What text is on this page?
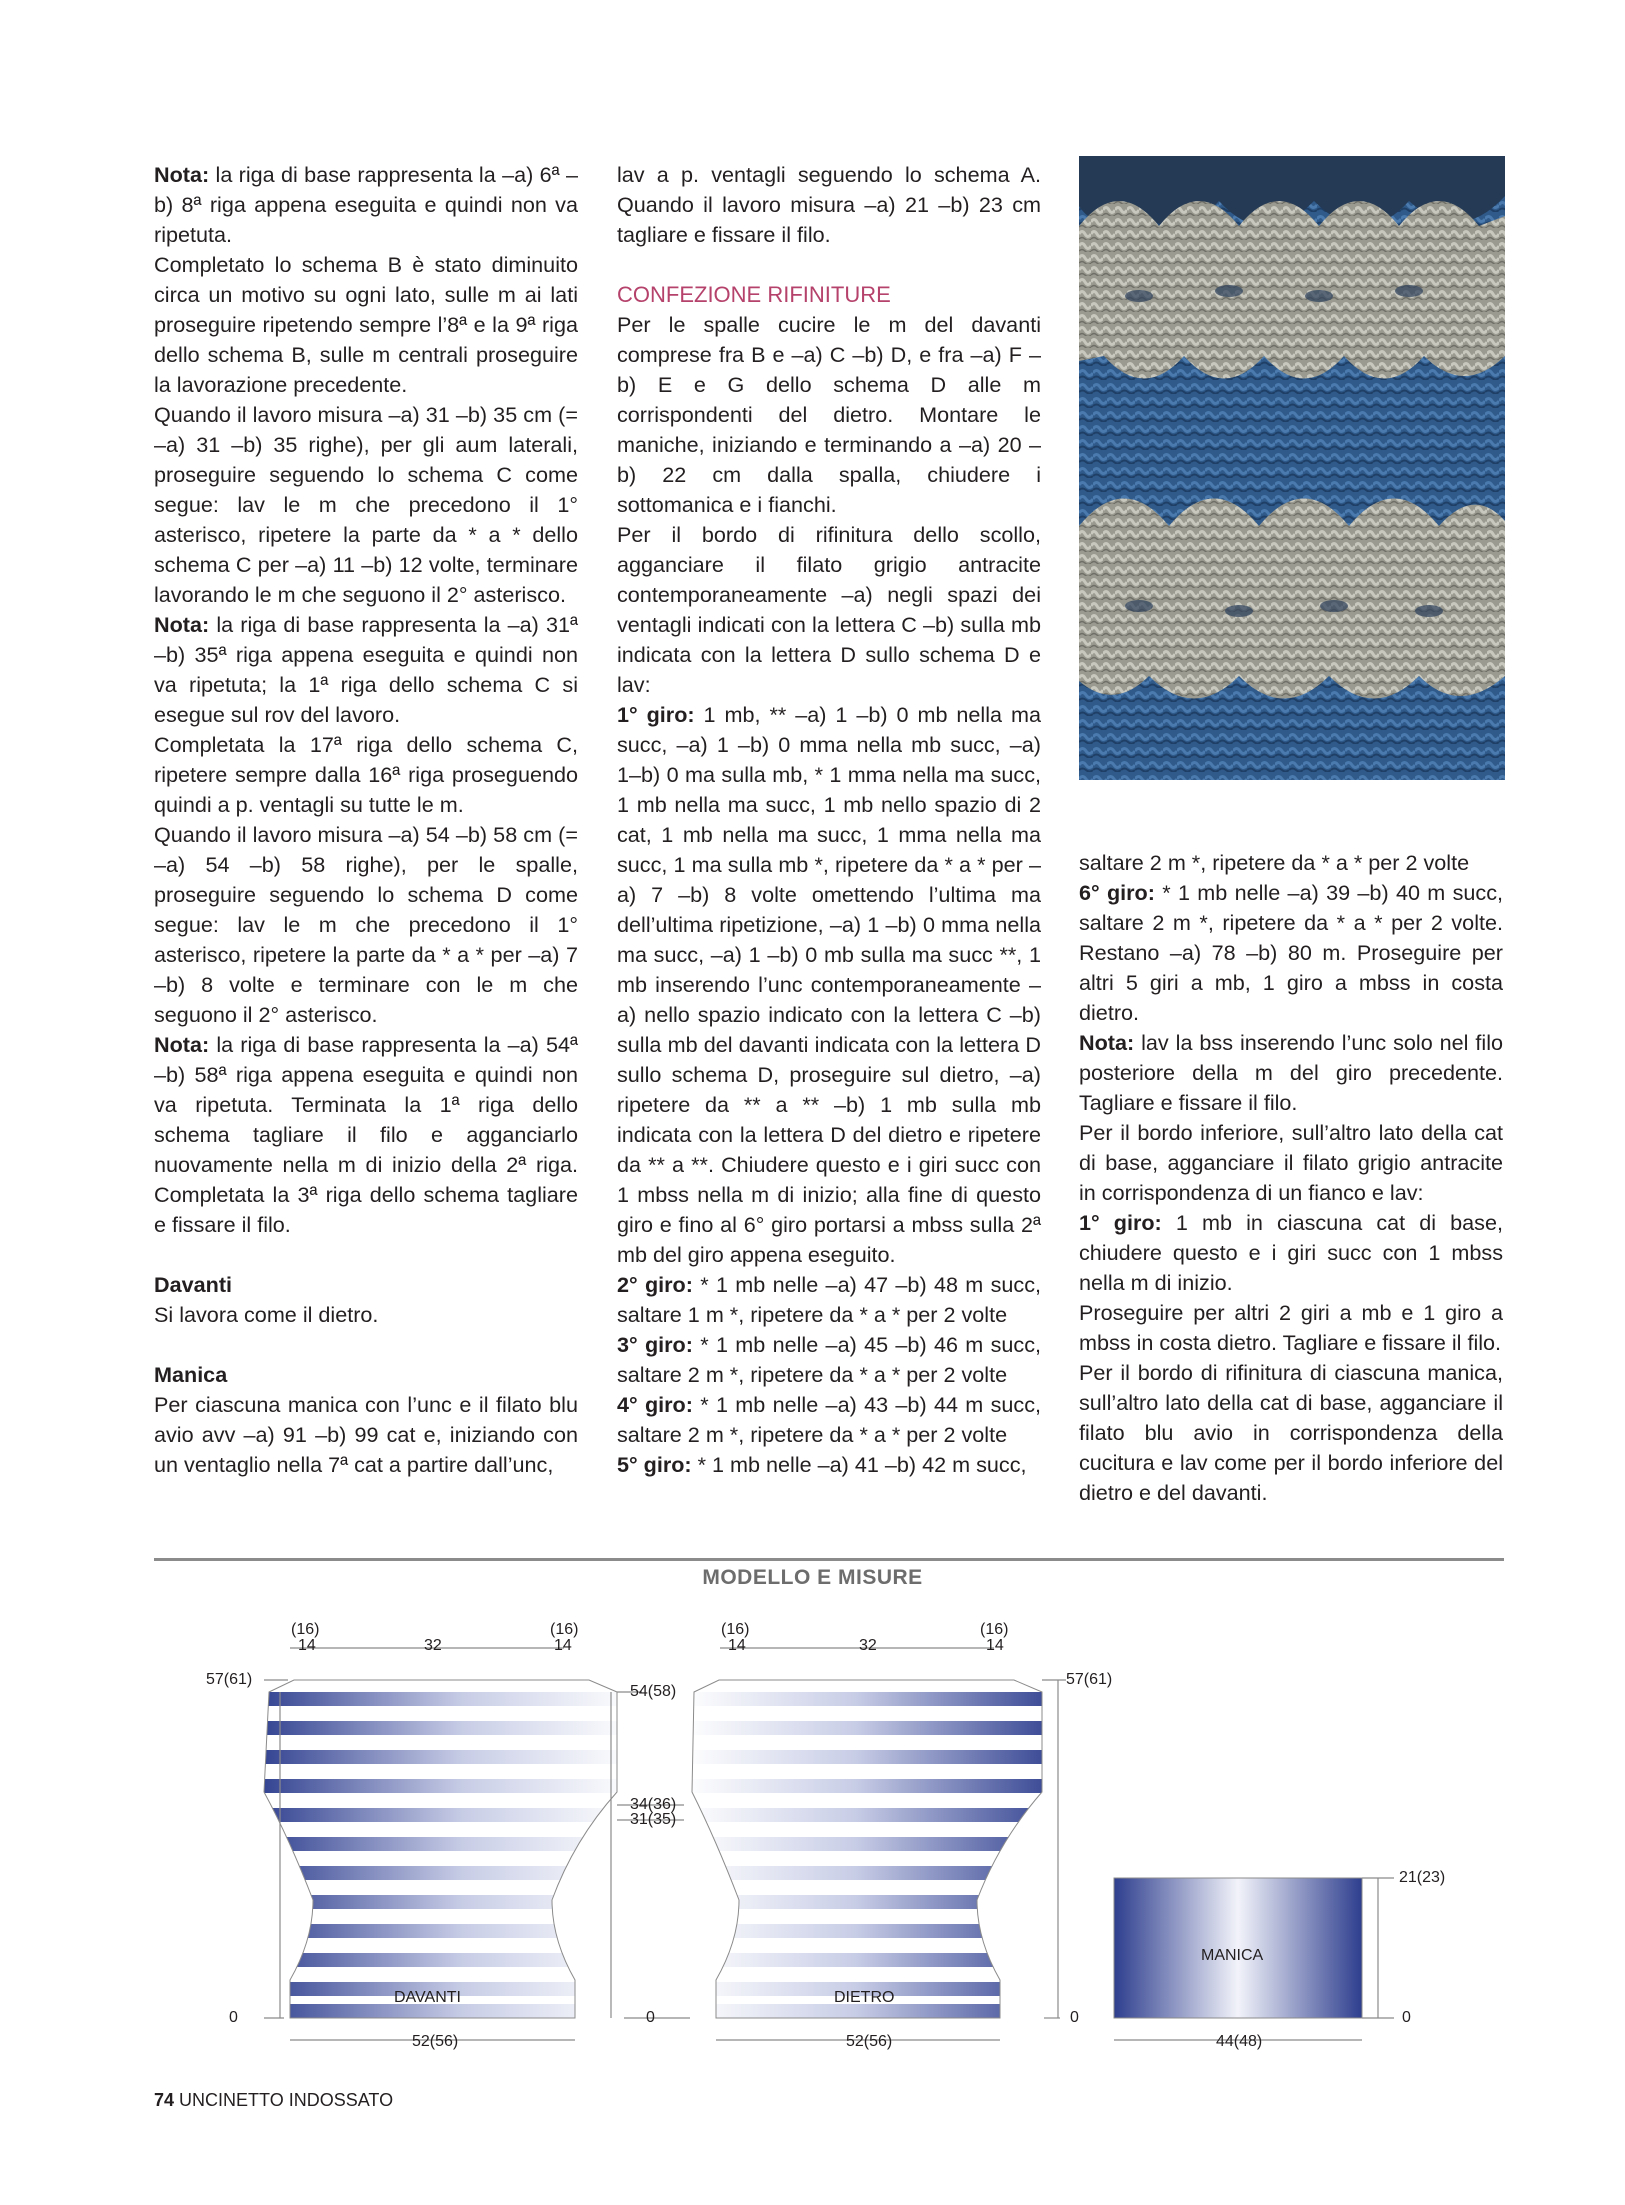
Nota: la riga di base rappresenta la –a) 6ª –b) 8ª riga appena eseguita e quindi non va ripetuta.

Completato lo schema B è stato diminuito circa un motivo su ogni lato, sulle m ai lati proseguire ripetendo sempre l’8ª e la 9ª riga dello schema B, sulle m centrali proseguire la lavorazione precedente.

Quando il lavoro misura –a) 31 –b) 35 cm (= –a) 31 –b) 35 righe), per gli aum laterali, proseguire seguendo lo schema C come segue: lav le m che precedono il 1° asterisco, ripetere la parte da * a * dello schema C per –a) 11 –b) 12 volte, terminare lavorando le m che seguono il 2° asterisco.

Nota: la riga di base rappresenta la –a) 31ª –b) 35ª riga appena eseguita e quindi non va ripetuta; la 1ª riga dello schema C si esegue sul rov del lavoro.

Completata la 17ª riga dello schema C, ripetere sempre dalla 16ª riga proseguendo quindi a p. ventagli su tutte le m.

Quando il lavoro misura –a) 54 –b) 58 cm (= –a) 54 –b) 58 righe), per le spalle, proseguire seguendo lo schema D come segue: lav le m che precedono il 1° asterisco, ripetere la parte da * a * per –a) 7 –b) 8 volte e terminare con le m che seguono il 2° asterisco.

Nota: la riga di base rappresenta la –a) 54ª –b) 58ª riga appena eseguita e quindi non va ripetuta. Terminata la 1ª riga dello schema tagliare il filo e agganciarlo nuovamente nella m di inizio della 2ª riga. Completata la 3ª riga dello schema tagliare e fissare il filo.

Davanti

Si lavora come il dietro.

Manica

Per ciascuna manica con l’unc e il filato blu avio avv –a) 91 –b) 99 cat e, iniziando con un ventaglio nella 7ª cat a partire dall’unc,

lav a p. ventagli seguendo lo schema A. Quando il lavoro misura –a) 21 –b) 23 cm tagliare e fissare il filo.

CONFEZIONE RIFINITURE

Per le spalle cucire le m del davanti comprese fra B e –a) C –b) D, e fra –a) F –b) E e G dello schema D alle m corrispondenti del dietro. Montare le maniche, iniziando e terminando a –a) 20 –b) 22 cm dalla spalla, chiudere i sottomanica e i fianchi.

Per il bordo di rifinitura dello scollo, agganciare il filato grigio antracite contemporaneamente –a) negli spazi dei ventagli indicati con la lettera C –b) sulla mb indicata con la lettera D sullo schema D e lav:

1° giro: 1 mb, ** –a) 1 –b) 0 mb nella ma succ, –a) 1 –b) 0 mma nella mb succ, –a) 1–b) 0 ma sulla mb, * 1 mma nella ma succ, 1 mb nella ma succ, 1 mb nello spazio di 2 cat, 1 mb nella ma succ, 1 mma nella ma succ, 1 ma sulla mb *, ripetere da * a * per –a) 7 –b) 8 volte omettendo l’ultima ma dell’ultima ripetizione, –a) 1 –b) 0 mma nella ma succ, –a) 1 –b) 0 mb sulla ma succ **, 1 mb inserendo l’unc contemporaneamente –a) nello spazio indicato con la lettera C –b) sulla mb del davanti indicata con la lettera D sullo schema D, proseguire sul dietro, –a) ripetere da ** a ** –b) 1 mb sulla mb indicata con la lettera D del dietro e ripetere da ** a **. Chiudere questo e i giri succ con 1 mbss nella m di inizio; alla fine di questo giro e fino al 6° giro portarsi a mbss sulla 2ª mb del giro appena eseguito.

2° giro: * 1 mb nelle –a) 47 –b) 48 m succ, saltare 1 m *, ripetere da * a * per 2 volte

3° giro: * 1 mb nelle –a) 45 –b) 46 m succ, saltare 2 m *, ripetere da * a * per 2 volte

4° giro: * 1 mb nelle –a) 43 –b) 44 m succ, saltare 2 m *, ripetere da * a * per 2 volte

5° giro: * 1 mb nelle –a) 41 –b) 42 m succ,

saltare 2 m *, ripetere da * a * per 2 volte

6° giro: * 1 mb nelle –a) 39 –b) 40 m succ, saltare 2 m *, ripetere da * a * per 2 volte. Restano –a) 78 –b) 80 m. Proseguire per altri 5 giri a mb, 1 giro a mbss in costa dietro.

Nota: lav la bss inserendo l’unc solo nel filo posteriore della m del giro precedente. Tagliare e fissare il filo.

Per il bordo inferiore, sull’altro lato della cat di base, agganciare il filato grigio antracite in corrispondenza di un fianco e lav:

1° giro: 1 mb in ciascuna cat di base, chiudere questo e i giri succ con 1 mbss nella m di inizio.

Proseguire per altri 2 giri a mb e 1 giro a mbss in costa dietro. Tagliare e fissare il filo.

Per il bordo di rifinitura di ciascuna manica, sull’altro lato della cat di base, agganciare il filato blu avio in corrispondenza della cucitura e lav come per il bordo inferiore del dietro e del davanti.

MODELLO E MISURE
DAVANTI	DIETRO
MANICA
(16)
14	32
(16)
14
(16)
14	32
(16)
14
57(61)	57(61)
54(58)
34(36)
31(35)
0	0	0	0
52(56)	52(56)	44(48)
21(23)
74 UNCINETTO INDOSSATO
